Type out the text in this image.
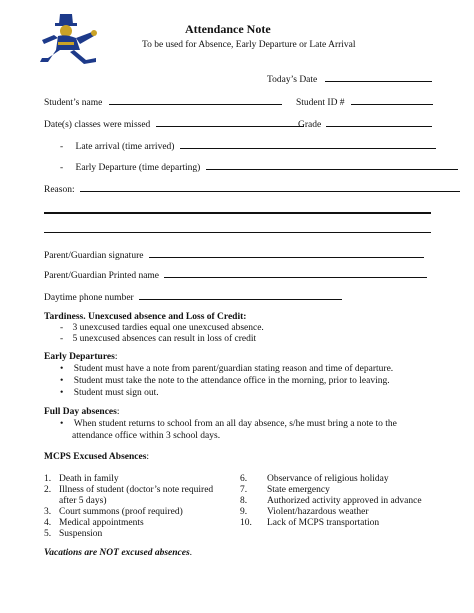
Attendance Note
To be used for Absence, Early Departure or Late Arrival
Today’s Date
Student’s name	Student ID #
Date(s) classes were missed	Grade
- Late arrival (time arrived)
- Early Departure (time departing)
Reason:
Parent/Guardian signature
Parent/Guardian Printed name
Daytime phone number
Tardiness. Unexcused absence and Loss of Credit:
- 3 unexcused tardies equal one unexcused absence.
- 5 unexcused absences can result in loss of credit
Early Departures:
• Student must have a note from parent/guardian stating reason and time of departure.
• Student must take the note to the attendance office in the morning, prior to leaving.
• Student must sign out.
Full Day absences:
• When student returns to school from an all day absence, s/he must bring a note to the
attendance office within 3 school days.
MCPS Excused Absences:
1. Death in family
2. Illness of student (doctor’s note required
after 5 days)
3. Court summons (proof required)
4. Medical appointments
5. Suspension
6. Observance of religious holiday
7. State emergency
8. Authorized activity approved in advance
9. Violent/hazardous weather
10. Lack of MCPS transportation
Vacations are NOT excused absences.
